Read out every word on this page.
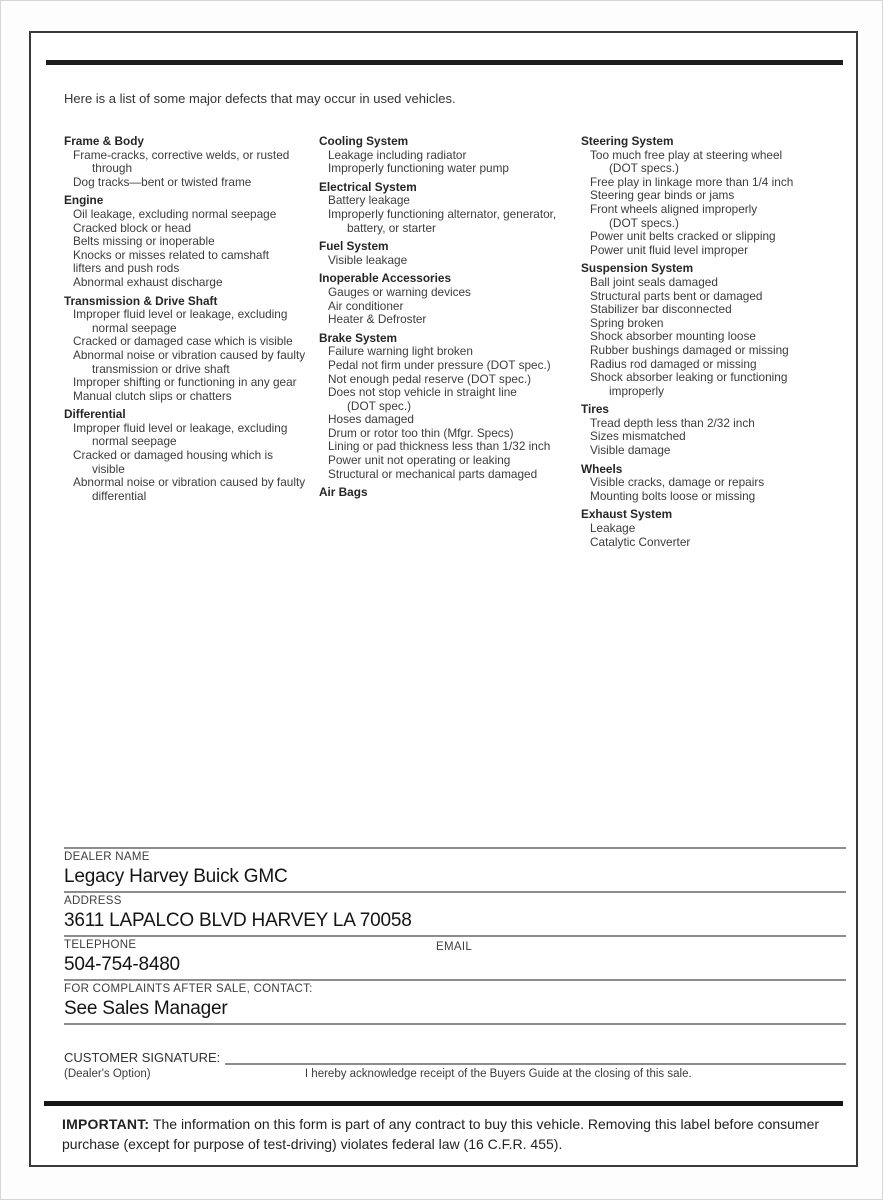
Here is a list of some major defects that may occur in used vehicles.
Frame & Body
Frame-cracks, corrective welds, or rusted
through
Dog tracks—bent or twisted frame
Engine
Oil leakage, excluding normal seepage
Cracked block or head
Belts missing or inoperable
Knocks or misses related to camshaft
lifters and push rods
Abnormal exhaust discharge
Transmission & Drive Shaft
Improper fluid level or leakage, excluding
normal seepage
Cracked or damaged case which is visible
Abnormal noise or vibration caused by faulty
transmission or drive shaft
Improper shifting or functioning in any gear
Manual clutch slips or chatters
Differential
Improper fluid level or leakage, excluding
normal seepage
Cracked or damaged housing which is
visible
Abnormal noise or vibration caused by faulty
differential
Cooling System
Leakage including radiator
Improperly functioning water pump
Electrical System
Battery leakage
Improperly functioning alternator, generator,
battery, or starter
Fuel System
Visible leakage
Inoperable Accessories
Gauges or warning devices
Air conditioner
Heater & Defroster
Brake System
Failure warning light broken
Pedal not firm under pressure (DOT spec.)
Not enough pedal reserve (DOT spec.)
Does not stop vehicle in straight line
(DOT spec.)
Hoses damaged
Drum or rotor too thin (Mfgr. Specs)
Lining or pad thickness less than 1/32 inch
Power unit not operating or leaking
Structural or mechanical parts damaged
Air Bags
Steering System
Too much free play at steering wheel
(DOT specs.)
Free play in linkage more than 1/4 inch
Steering gear binds or jams
Front wheels aligned improperly
(DOT specs.)
Power unit belts cracked or slipping
Power unit fluid level improper
Suspension System
Ball joint seals damaged
Structural parts bent or damaged
Stabilizer bar disconnected
Spring broken
Shock absorber mounting loose
Rubber bushings damaged or missing
Radius rod damaged or missing
Shock absorber leaking or functioning
improperly
Tires
Tread depth less than 2/32 inch
Sizes mismatched
Visible damage
Wheels
Visible cracks, damage or repairs
Mounting bolts loose or missing
Exhaust System
Leakage
Catalytic Converter
DEALER NAME
Legacy Harvey Buick GMC
ADDRESS
3611 LAPALCO BLVD HARVEY LA 70058
TELEPHONE	EMAIL
504-754-8480
FOR COMPLAINTS AFTER SALE, CONTACT:
See Sales Manager
CUSTOMER SIGNATURE:
(Dealer's Option)	I hereby acknowledge receipt of the Buyers Guide at the closing of this sale.
IMPORTANT: The information on this form is part of any contract to buy this vehicle. Removing this label before consumer purchase (except for purpose of test-driving) violates federal law (16 C.F.R. 455).
